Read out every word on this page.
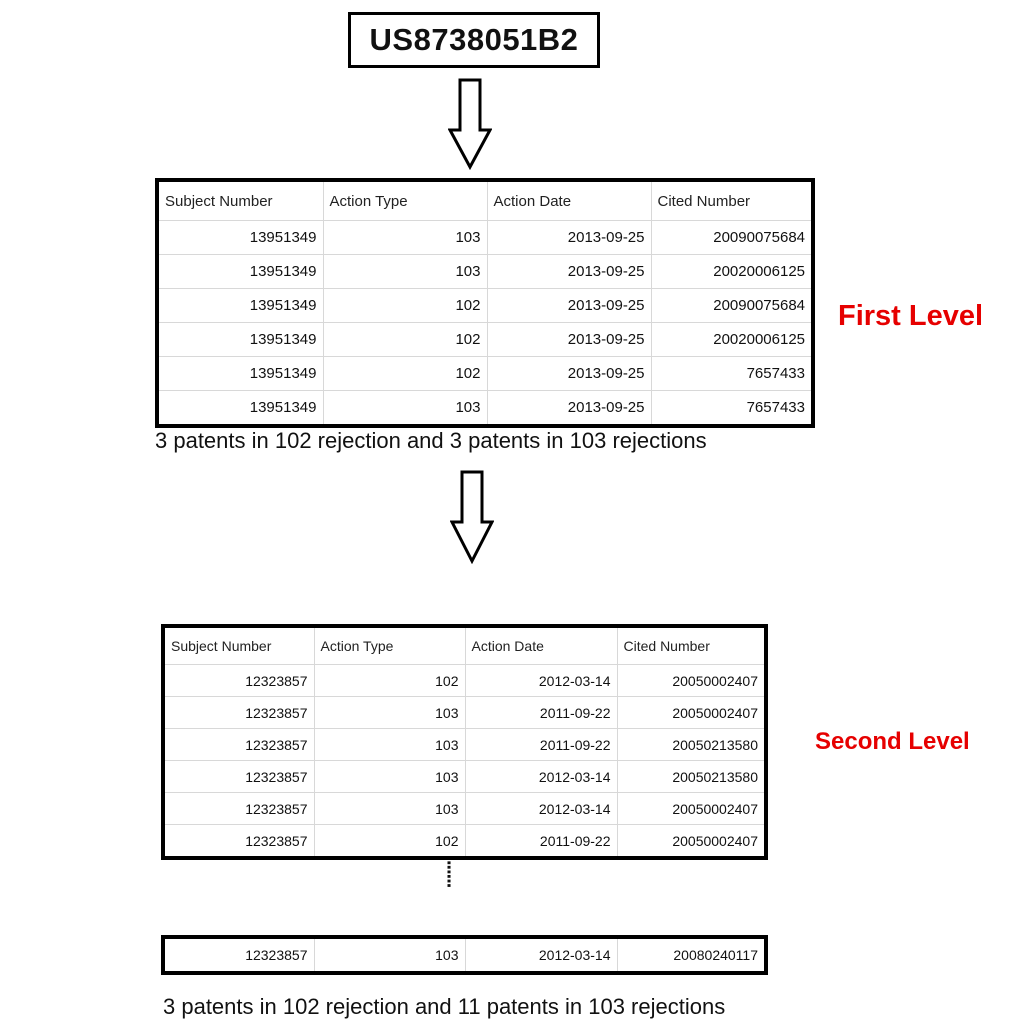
US8738051B2
Subject Number	Action Type	Action Date	Cited Number
13951349	103	2013-09-25	20090075684
13951349	103	2013-09-25	20020006125
13951349	102	2013-09-25	20090075684
13951349	102	2013-09-25	20020006125
13951349	102	2013-09-25	7657433
13951349	103	2013-09-25	7657433
First Level
3 patents in 102 rejection and 3 patents in 103 rejections
Subject Number	Action Type	Action Date	Cited Number
12323857	102	2012-03-14	20050002407
12323857	103	2011-09-22	20050002407
12323857	103	2011-09-22	20050213580
12323857	103	2012-03-14	20050213580
12323857	103	2012-03-14	20050002407
12323857	102	2011-09-22	20050002407
Second Level
......
12323857	103	2012-03-14	20080240117
3 patents in 102 rejection and 11 patents in 103 rejections
